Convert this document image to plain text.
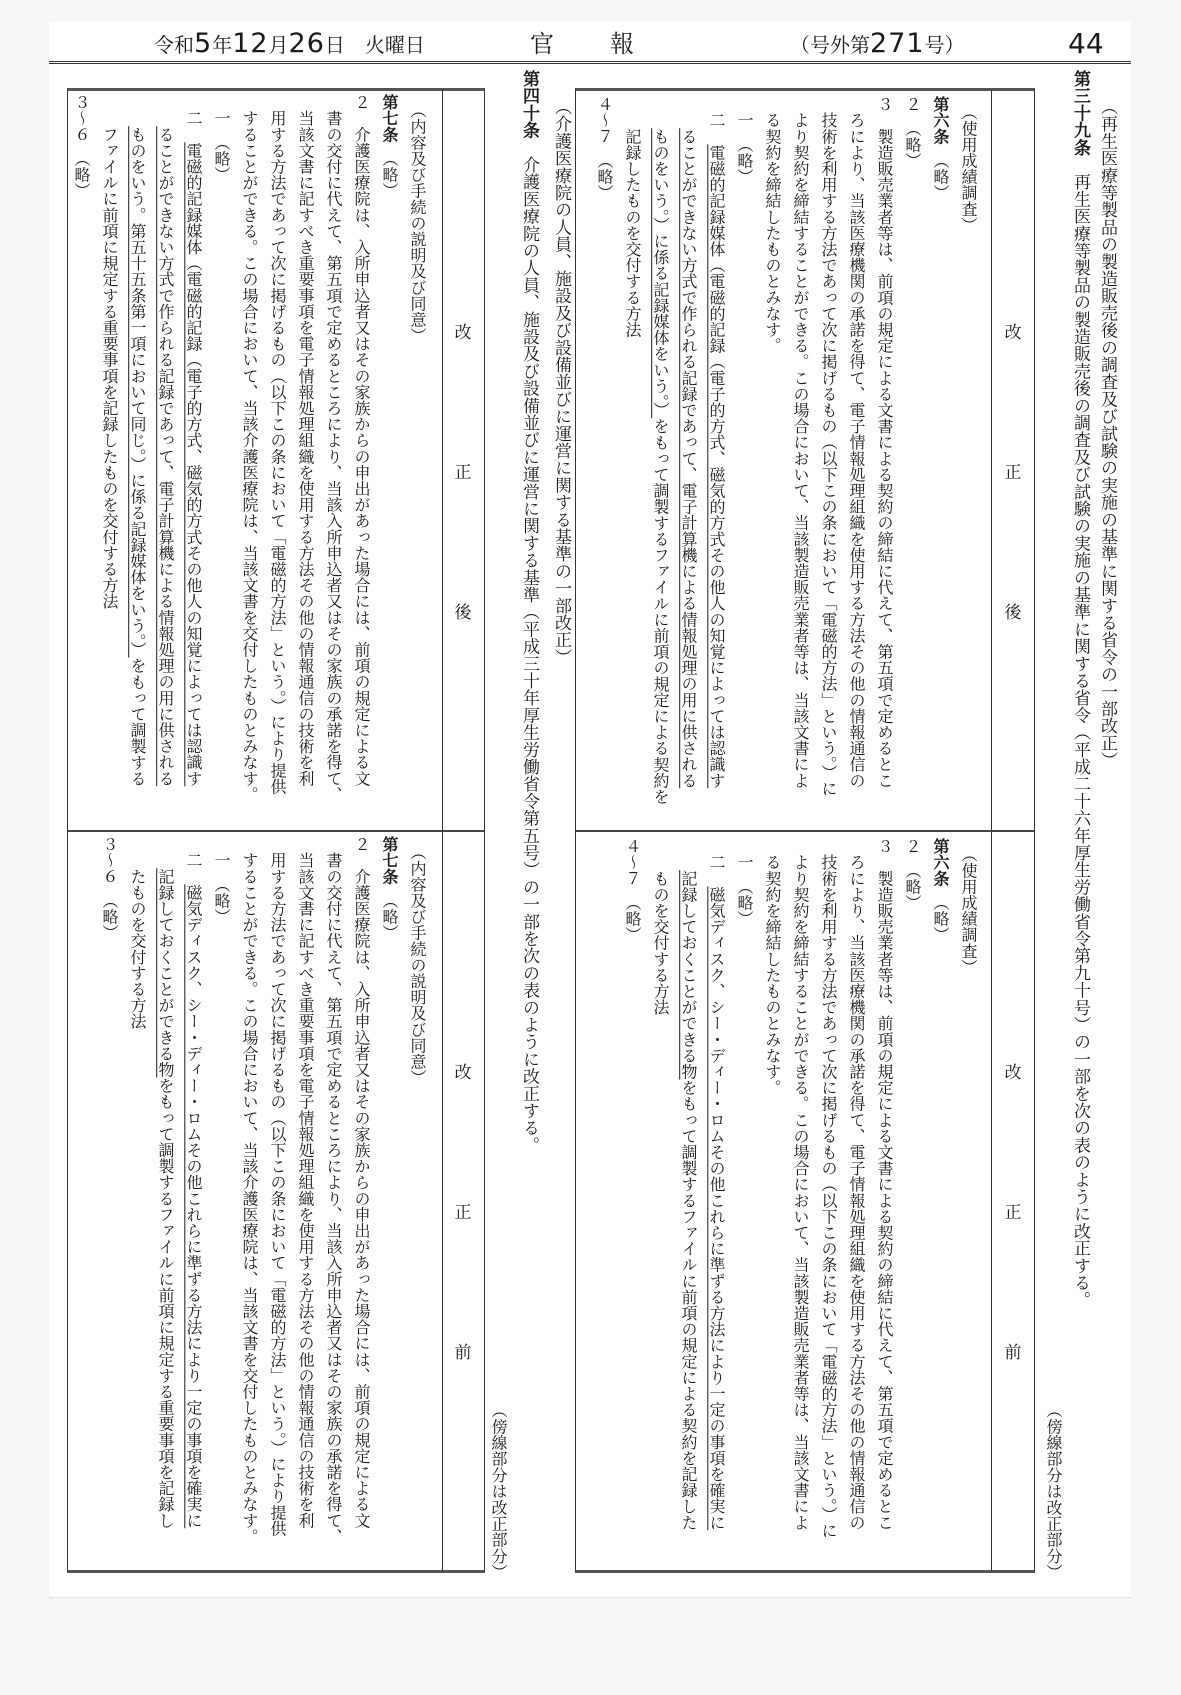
令和5年12月26日　 火曜日	官 報	（号外第271号）	44
（再生医療等製品の製造販売後の調査及び試験の実施の基準に関する省令の一部改正）
第三十九条　再生医療等製品の製造販売後の調査及び試験の実施の基準に関する省令（平成二十六年厚生労働省令第九十号）の一部を次の表のように改正する。
（傍線部分は改正部分）
改
正
後
改
正
前
　（使用成績調査）
第六条　（略）
２　（略）
３　製造販売業者等は、前項の規定による文書による契約の締結に代えて、第五項で定めるとこ
　ろにより、当該医療機関の承諾を得て、電子情報処理組織を使用する方法その他の情報通信の
　技術を利用する方法であって次に掲げるもの（以下この条において「電磁的方法」という。）に
　より契約を締結することができる。この場合において、当該製造販売業者等は、当該文書によ
　る契約を締結したものとみなす。
　一　（略）
　二　電磁的記録媒体（電磁的記録（電子的方式、磁気的方式その他人の知覚によっては認識す
　　ることができない方式で作られる記録であって、電子計算機による情報処理の用に供される
　　ものをいう。）に係る記録媒体をいう。）をもって調製するファイルに前項の規定による契約を
　　記録したものを交付する方法
４～７　（略）
　（使用成績調査）
第六条　（略）
２　（略）
３　製造販売業者等は、前項の規定による文書による契約の締結に代えて、第五項で定めるとこ
　ろにより、当該医療機関の承諾を得て、電子情報処理組織を使用する方法その他の情報通信の
　技術を利用する方法であって次に掲げるもの（以下この条において「電磁的方法」という。）に
　より契約を締結することができる。この場合において、当該製造販売業者等は、当該文書によ
　る契約を締結したものとみなす。
　一　（略）
　二　磁気ディスク、シー・ディー・ロムその他これらに準ずる方法により一定の事項を確実に
　　記録しておくことができる物をもって調製するファイルに前項の規定による契約を記録した
　　ものを交付する方法
４～７　（略）
（介護医療院の人員、施設及び設備並びに運営に関する基準の一部改正）
第四十条　介護医療院の人員、施設及び設備並びに運営に関する基準（平成三十年厚生労働省令第五号）の一部を次の表のように改正する。
（傍線部分は改正部分）
改
正
後
改
正
前
　（内容及び手続の説明及び同意）
第七条　（略）
２　介護医療院は、入所申込者又はその家族からの申出があった場合には、前項の規定による文
　書の交付に代えて、第五項で定めるところにより、当該入所申込者又はその家族の承諾を得て、
　当該文書に記すべき重要事項を電子情報処理組織を使用する方法その他の情報通信の技術を利
　用する方法であって次に掲げるもの（以下この条において「電磁的方法」という。）により提供
　することができる。この場合において、当該介護医療院は、当該文書を交付したものとみなす。
　一　（略）
　二　電磁的記録媒体（電磁的記録（電子的方式、磁気的方式その他人の知覚によっては認識す
　　ることができない方式で作られる記録であって、電子計算機による情報処理の用に供される
　　ものをいう。第五十五条第一項において同じ。）に係る記録媒体をいう。）をもって調製する
　　ファイルに前項に規定する重要事項を記録したものを交付する方法
３～６　（略）
　（内容及び手続の説明及び同意）
第七条　（略）
２　介護医療院は、入所申込者又はその家族からの申出があった場合には、前項の規定による文
　書の交付に代えて、第五項で定めるところにより、当該入所申込者又はその家族の承諾を得て、
　当該文書に記すべき重要事項を電子情報処理組織を使用する方法その他の情報通信の技術を利
　用する方法であって次に掲げるもの（以下この条において「電磁的方法」という。）により提供
　することができる。この場合において、当該介護医療院は、当該文書を交付したものとみなす。
　一　（略）
　二　磁気ディスク、シー・ディー・ロムその他これらに準ずる方法により一定の事項を確実に
　　記録しておくことができる物をもって調製するファイルに前項に規定する重要事項を記録し
　　たものを交付する方法
３～６　（略）
